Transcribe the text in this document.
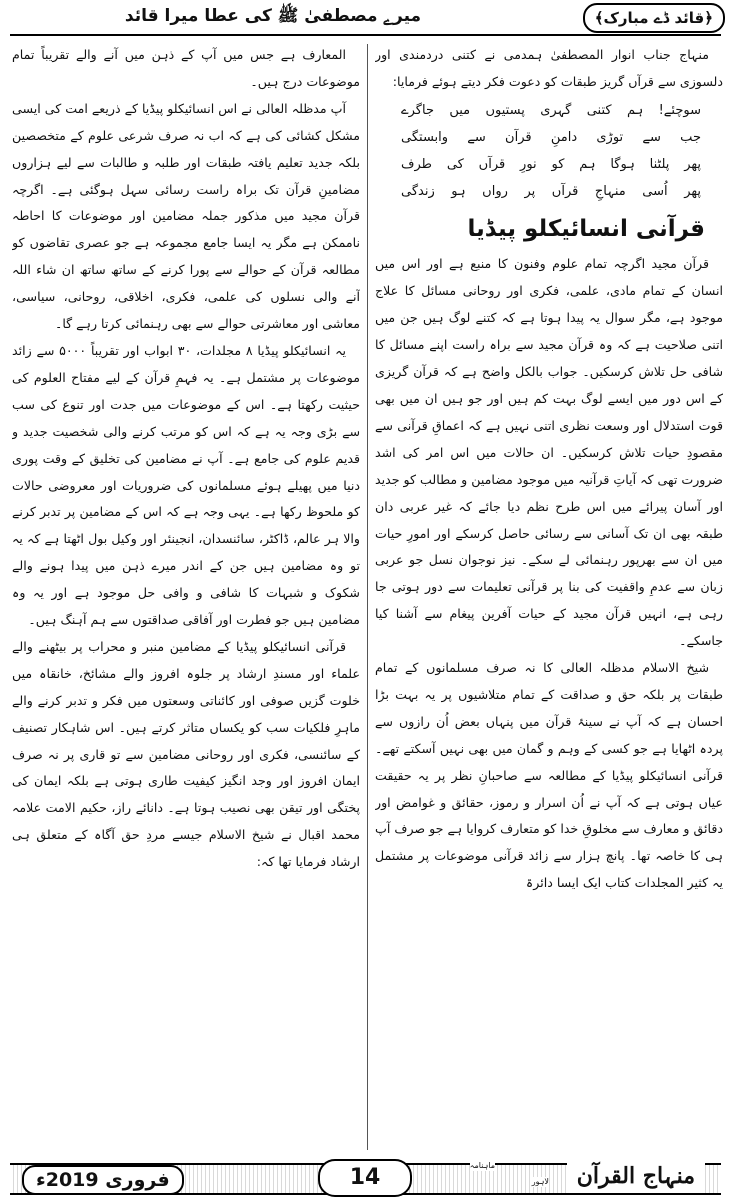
﴿قائد ڈے مبارک﴾
میرے مصطفیٰ ﷺ کی عطا میرا قائد

منہاج جناب انوار المصطفیٰ ہمدمی نے کتنی دردمندی اور دلسوزی سے قرآں گریز طبقات کو دعوت فکر دیتے ہوئے فرمایا:

سوچئے! ہم کتنی گہری پستیوں میں جاگرے
جب سے توڑی دامنِ قرآن سے وابستگی
پھر پلٹنا ہوگا ہم کو نورِ قرآں کی طرف
پھر اُسی منہاجِ قرآں پر رواں ہو زندگی
قرآنی انسائیکلو پیڈیا

قرآن مجید اگرچہ تمام علوم وفنون کا منبع ہے اور اس میں انسان کے تمام مادی، علمی، فکری اور روحانی مسائل کا علاج موجود ہے، مگر سوال یہ پیدا ہوتا ہے کہ کتنے لوگ ہیں جن میں اتنی صلاحیت ہے کہ وہ قرآن مجید سے براہ راست اپنے مسائل کا شافی حل تلاش کرسکیں۔ جواب بالکل واضح ہے کہ قرآن گریزی کے اس دور میں ایسے لوگ بہت کم ہیں اور جو ہیں ان میں بھی قوت استدلال اور وسعت نظری اتنی نہیں ہے کہ اعماقِ قرآنی سے مقصودِ حیات تلاش کرسکیں۔ ان حالات میں اس امر کی اشد ضرورت تھی کہ آیاتِ قرآنیہ میں موجود مضامین و مطالب کو جدید اور آسان پیرائے میں اس طرح نظم دیا جائے کہ غیر عربی دان طبقہ بھی ان تک آسانی سے رسائی حاصل کرسکے اور امورِ حیات میں ان سے بھرپور رہنمائی لے سکے۔ نیز نوجوان نسل جو عربی زبان سے عدمِ واقفیت کی بنا پر قرآنی تعلیمات سے دور ہوتی جا رہی ہے، انہیں قرآن مجید کے حیات آفرین پیغام سے آشنا کیا جاسکے۔

شیخ الاسلام مدظلہ العالی کا نہ صرف مسلمانوں کے تمام طبقات پر بلکہ حق و صداقت کے تمام متلاشیوں پر یہ بہت بڑا احسان ہے کہ آپ نے سینۂ قرآن میں پنہاں بعض اُن رازوں سے پردہ اٹھایا ہے جو کسی کے وہم و گمان میں بھی نہیں آسکتے تھے۔ قرآنی انسائیکلو پیڈیا کے مطالعہ سے صاحبانِ نظر پر یہ حقیقت عیاں ہوتی ہے کہ آپ نے اُن اسرار و رموز، حقائق و غوامض اور دقائق و معارف سے مخلوقِ خدا کو متعارف کروایا ہے جو صرف آپ ہی کا خاصہ تھا۔ پانچ ہزار سے زائد قرآنی موضوعات پر مشتمل یہ کثیر المجلدات کتاب ایک ایسا دائرۃ

المعارف ہے جس میں آپ کے ذہن میں آنے والے تقریباً تمام موضوعات درج ہیں۔

آپ مدظلہ العالی نے اس انسائیکلو پیڈیا کے ذریعے امت کی ایسی مشکل کشائی کی ہے کہ اب نہ صرف شرعی علوم کے متخصصین بلکہ جدید تعلیم یافتہ طبقات اور طلبہ و طالبات سے لیے ہزاروں مضامینِ قرآن تک براہ راست رسائی سہل ہوگئی ہے۔ اگرچہ قرآن مجید میں مذکور جملہ مضامین اور موضوعات کا احاطہ ناممکن ہے مگر یہ ایسا جامع مجموعہ ہے جو عصری تقاضوں کو مطالعہ قرآن کے حوالے سے پورا کرنے کے ساتھ ساتھ ان شاء اللہ آنے والی نسلوں کی علمی، فکری، اخلاقی، روحانی، سیاسی، معاشی اور معاشرتی حوالے سے بھی رہنمائی کرتا رہے گا۔

یہ انسائیکلو پیڈیا ۸ مجلدات، ۳۰ ابواب اور تقریباً ۵۰۰۰ سے زائد موضوعات پر مشتمل ہے۔ یہ فہمِ قرآن کے لیے مفتاح العلوم کی حیثیت رکھتا ہے۔ اس کے موضوعات میں جدت اور تنوع کی سب سے بڑی وجہ یہ ہے کہ اس کو مرتب کرنے والی شخصیت جدید و قدیم علوم کی جامع ہے۔ آپ نے مضامین کی تخلیق کے وقت پوری دنیا میں پھیلے ہوئے مسلمانوں کی ضروریات اور معروضی حالات کو ملحوظ رکھا ہے۔ یہی وجہ ہے کہ اس کے مضامین پر تدبر کرنے والا ہر عالم، ڈاکٹر، سائنسدان، انجینئر اور وکیل بول اٹھتا ہے کہ یہ تو وہ مضامین ہیں جن کے اندر میرے ذہن میں پیدا ہونے والے شکوک و شبہات کا شافی و وافی حل موجود ہے اور یہ وہ مضامین ہیں جو فطرت اور آفاقی صداقتوں سے ہم آہنگ ہیں۔

قرآنی انسائیکلو پیڈیا کے مضامین منبر و محراب پر بیٹھنے والے علماء اور مسندِ ارشاد پر جلوہ افروز والے مشائخ، خانقاہ میں خلوت گزیں صوفی اور کائناتی وسعتوں میں فکر و تدبر کرنے والے ماہرِ فلکیات سب کو یکساں متاثر کرتے ہیں۔ اس شاہکار تصنیف کے سائنسی، فکری اور روحانی مضامین سے تو قاری پر نہ صرف ایمان افروز اور وجد انگیز کیفیت طاری ہوتی ہے بلکہ ایمان کی پختگی اور تیقن بھی نصیب ہوتا ہے۔ دانائے راز، حکیم الامت علامہ محمد اقبال نے شیخ الاسلام جیسے مردِ حق آگاہ کے متعلق ہی ارشاد فرمایا تھا کہ:

فروری 2019ء	14	منہاج القرآن
ماہنامہ
لاہور
